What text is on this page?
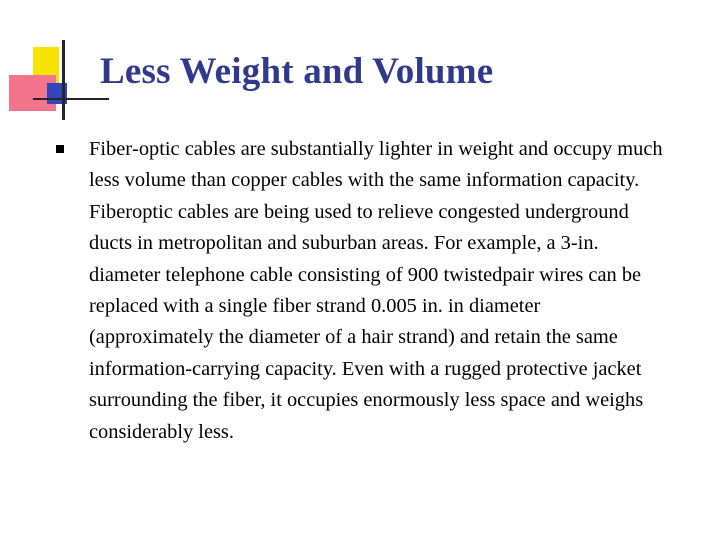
Less Weight and Volume

Fiber‑optic cables are substantially lighter in weight and occupy much less volume than copper cables with the same information capacity. Fiberoptic cables are being used to relieve congested underground ducts in metropolitan and suburban areas. For example, a 3‑in. diameter telephone cable consisting of 900 twistedpair wires can be replaced with a single fiber strand 0.005 in. in diameter (approximately the diameter of a hair strand) and retain the same information‑carrying capacity. Even with a rugged protective jacket surrounding the fiber, it occupies enormously less space and weighs considerably less.
